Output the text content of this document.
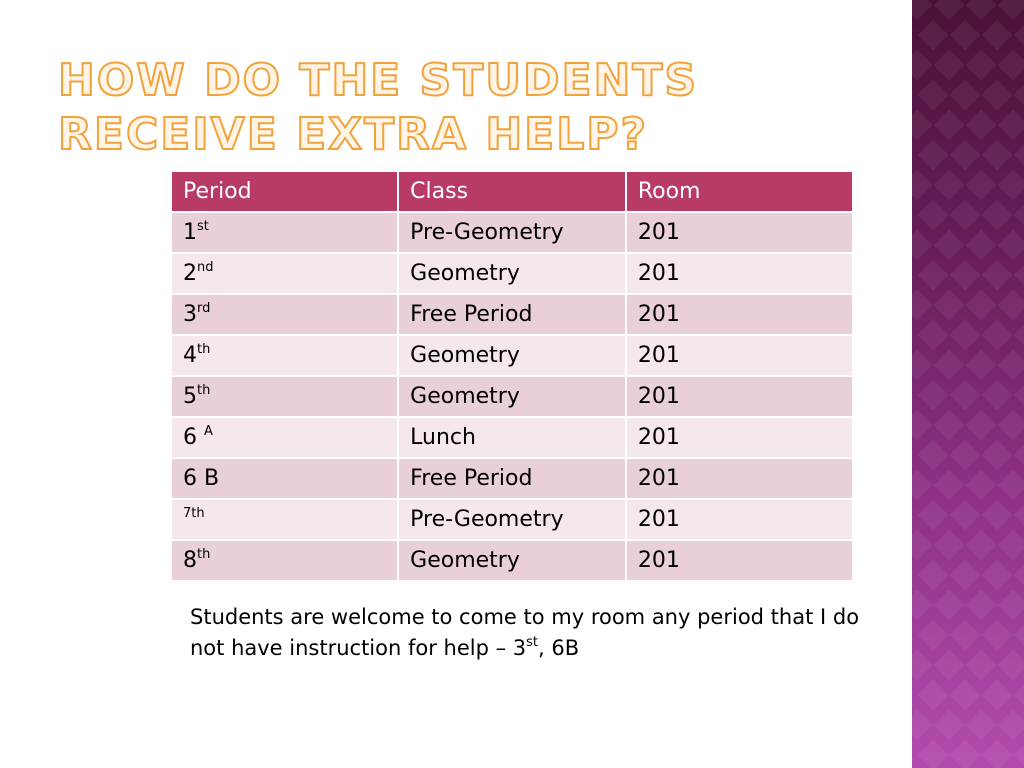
HOW DO THE STUDENTS RECEIVE EXTRA HELP?
Period	Class	Room
1st	Pre-Geometry	201
2nd	Geometry	201
3rd	Free Period	201
4th	Geometry	201
5th	Geometry	201
6 $^A$	Lunch	201
6 B	Free Period	201
$^{7th}$	Pre-Geometry	201
8th	Geometry	201

Students are welcome to come to my room any period that I do not have instruction for help – 3st, 6B
